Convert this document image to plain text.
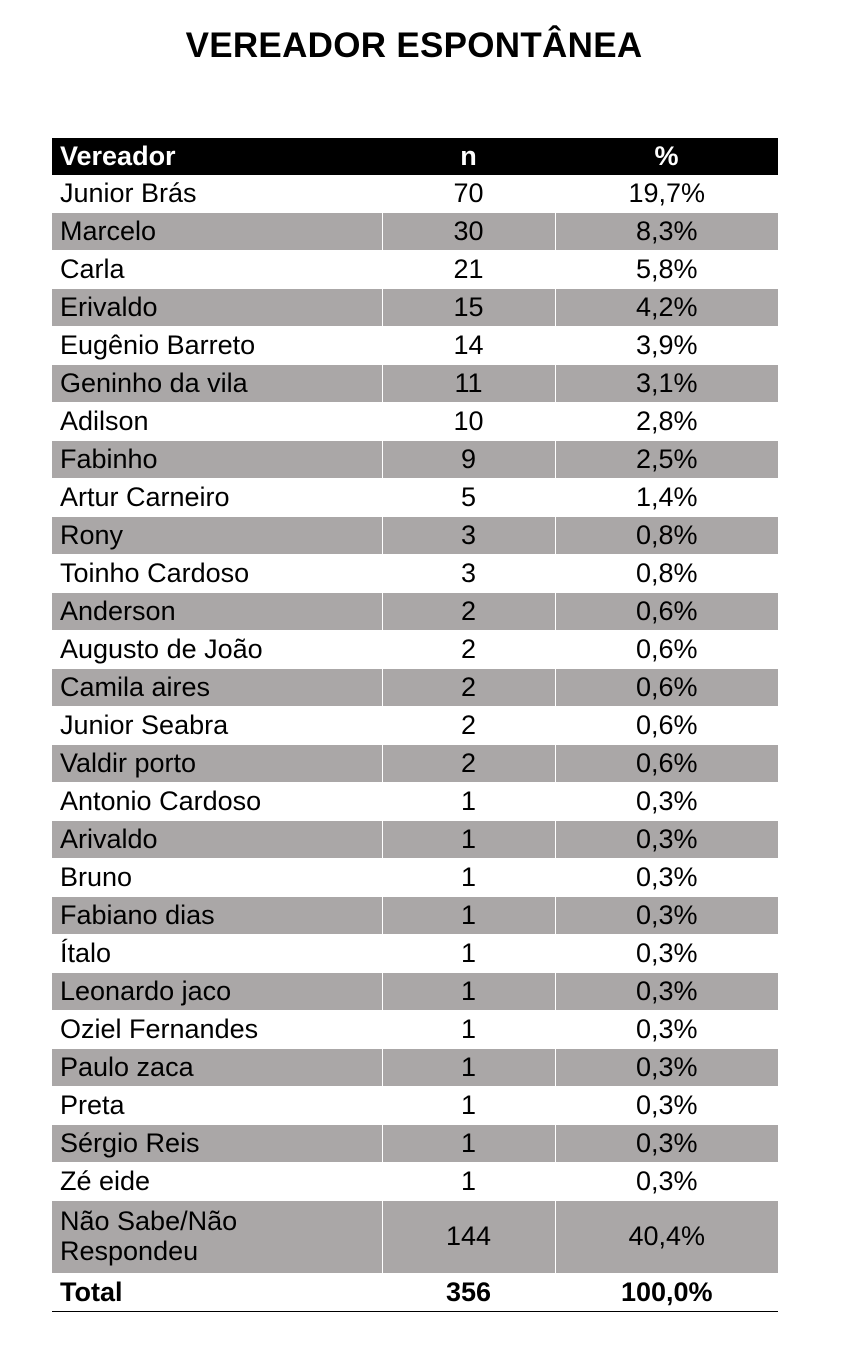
VEREADOR ESPONTÂNEA
Vereador	n	%
Junior Brás	70	19,7%
Marcelo	30	8,3%
Carla	21	5,8%
Erivaldo	15	4,2%
Eugênio Barreto	14	3,9%
Geninho da vila	11	3,1%
Adilson	10	2,8%
Fabinho	9	2,5%
Artur Carneiro	5	1,4%
Rony	3	0,8%
Toinho Cardoso	3	0,8%
Anderson	2	0,6%
Augusto de João	2	0,6%
Camila aires	2	0,6%
Junior Seabra	2	0,6%
Valdir porto	2	0,6%
Antonio Cardoso	1	0,3%
Arivaldo	1	0,3%
Bruno	1	0,3%
Fabiano dias	1	0,3%
Ítalo	1	0,3%
Leonardo jaco	1	0,3%
Oziel Fernandes	1	0,3%
Paulo zaca	1	0,3%
Preta	1	0,3%
Sérgio Reis	1	0,3%
Zé eide	1	0,3%
Não Sabe/Não Respondeu	144	40,4%
Total	356	100,0%
